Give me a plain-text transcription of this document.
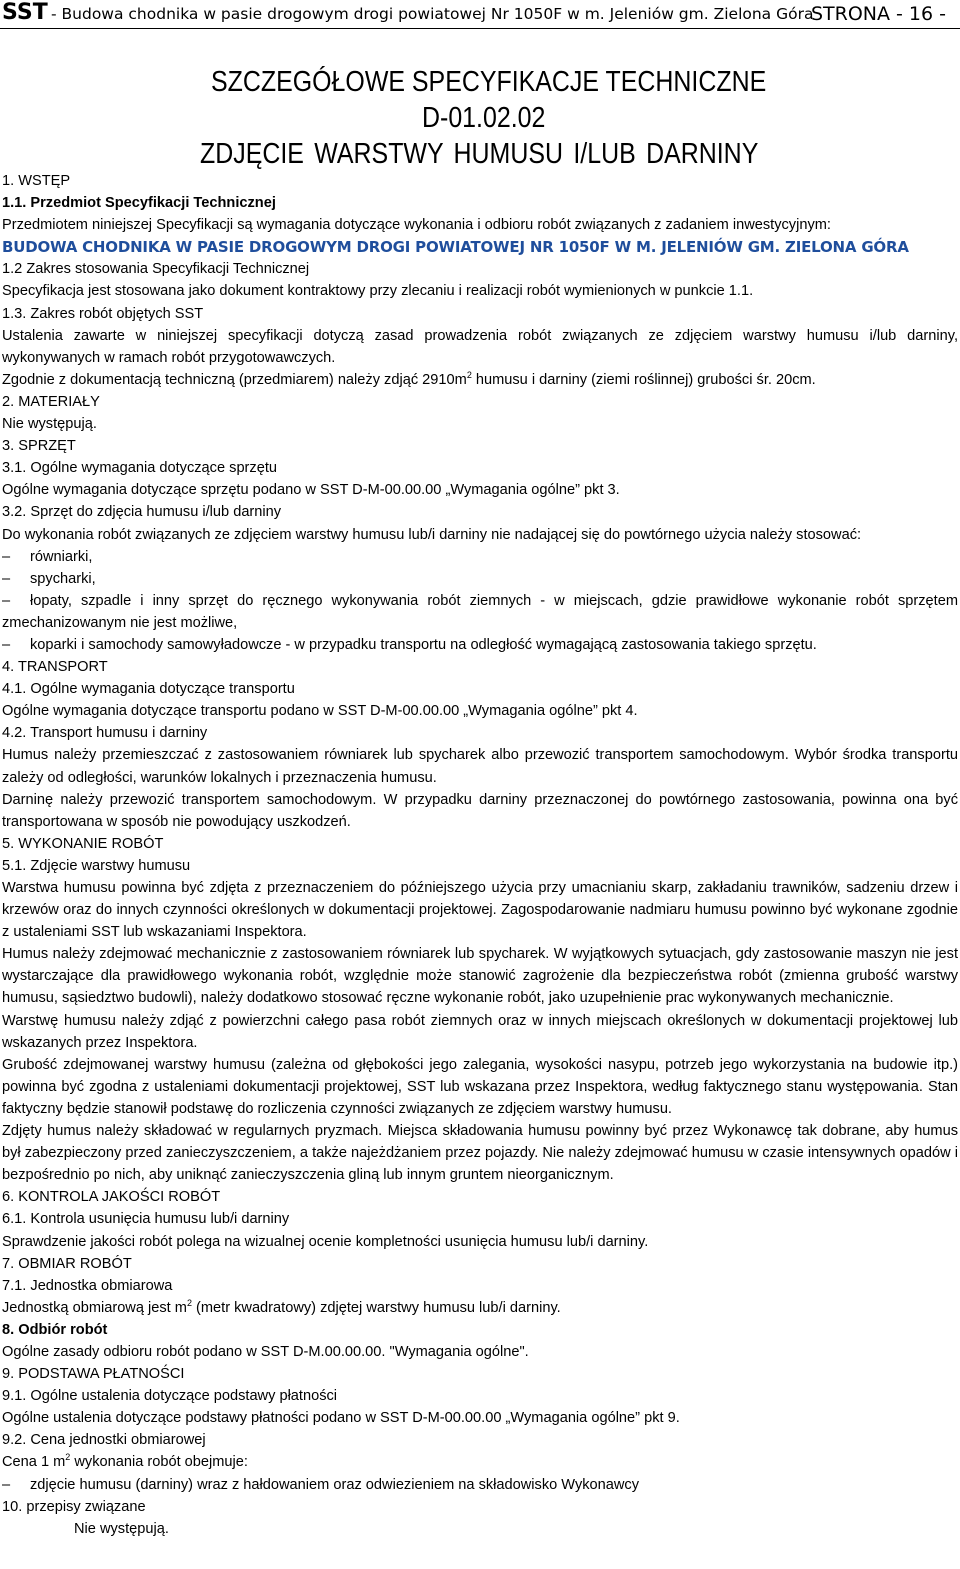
SST - Budowa chodnika w pasie drogowym drogi powiatowej Nr 1050F w m. Jeleniów gm. Zielona Góra
STRONA - 16 -
SZCZEGÓŁOWE SPECYFIKACJE TECHNICZNE
D-01.02.02
ZDJĘCIE WARSTWY HUMUSU I/LUB DARNINY

1. WSTĘP

1.1. Przedmiot Specyfikacji Technicznej

Przedmiotem niniejszej Specyfikacji są wymagania dotyczące wykonania i odbioru robót związanych z zadaniem inwestycyjnym:

BUDOWA CHODNIKA W PASIE DROGOWYM DROGI POWIATOWEJ NR 1050F W M. JELENIÓW GM. ZIELONA GÓRA

1.2 Zakres stosowania Specyfikacji Technicznej

Specyfikacja jest stosowana jako dokument kontraktowy przy zlecaniu i realizacji robót wymienionych w punkcie 1.1.

1.3. Zakres robót objętych SST

Ustalenia zawarte w niniejszej specyfikacji dotyczą zasad prowadzenia robót związanych ze zdjęciem warstwy humusu i/lub darniny, wykonywanych w ramach robót przygotowawczych.

Zgodnie z dokumentacją techniczną (przedmiarem) należy zdjąć $2910m^2$ humusu i darniny (ziemi roślinnej) grubości śr. 20cm.

2. MATERIAŁY

Nie występują.

3. SPRZĘT

3.1. Ogólne wymagania dotyczące sprzętu

Ogólne wymagania dotyczące sprzętu podano w SST D-M-00.00.00 „Wymagania ogólne” pkt 3.

3.2. Sprzęt do zdjęcia humusu i/lub darniny

Do wykonania robót związanych ze zdjęciem warstwy humusu lub/i darniny nie nadającej się do powtórnego użycia należy stosować:

– równiarki,

– spycharki,

– łopaty, szpadle i inny sprzęt do ręcznego wykonywania robót ziemnych - w miejscach, gdzie prawidłowe wykonanie robót sprzętem zmechanizowanym nie jest możliwe,

– koparki i samochody samowyładowcze - w przypadku transportu na odległość wymagającą zastosowania takiego sprzętu.

4. TRANSPORT

4.1. Ogólne wymagania dotyczące transportu

Ogólne wymagania dotyczące transportu podano w SST D-M-00.00.00 „Wymagania ogólne” pkt 4.

4.2. Transport humusu i darniny

Humus należy przemieszczać z zastosowaniem równiarek lub spycharek albo przewozić transportem samochodowym. Wybór środka transportu zależy od odległości, warunków lokalnych i przeznaczenia humusu.

Darninę należy przewozić transportem samochodowym. W przypadku darniny przeznaczonej do powtórnego zastosowania, powinna ona być transportowana w sposób nie powodujący uszkodzeń.

5. WYKONANIE ROBÓT

5.1. Zdjęcie warstwy humusu

Warstwa humusu powinna być zdjęta z przeznaczeniem do późniejszego użycia przy umacnianiu skarp, zakładaniu trawników, sadzeniu drzew i krzewów oraz do innych czynności określonych w dokumentacji projektowej. Zagospodarowanie nadmiaru humusu powinno być wykonane zgodnie z ustaleniami SST lub wskazaniami Inspektora.

Humus należy zdejmować mechanicznie z zastosowaniem równiarek lub spycharek. W wyjątkowych sytuacjach, gdy zastosowanie maszyn nie jest wystarczające dla prawidłowego wykonania robót, względnie może stanowić zagrożenie dla bezpieczeństwa robót (zmienna grubość warstwy humusu, sąsiedztwo budowli), należy dodatkowo stosować ręczne wykonanie robót, jako uzupełnienie prac wykonywanych mechanicznie.

Warstwę humusu należy zdjąć z powierzchni całego pasa robót ziemnych oraz w innych miejscach określonych w dokumentacji projektowej lub wskazanych przez Inspektora.

Grubość zdejmowanej warstwy humusu (zależna od głębokości jego zalegania, wysokości nasypu, potrzeb jego wykorzystania na budowie itp.) powinna być zgodna z ustaleniami dokumentacji projektowej, SST lub wskazana przez Inspektora, według faktycznego stanu występowania. Stan faktyczny będzie stanowił podstawę do rozliczenia czynności związanych ze zdjęciem warstwy humusu.

Zdjęty humus należy składować w regularnych pryzmach. Miejsca składowania humusu powinny być przez Wykonawcę tak dobrane, aby humus był zabezpieczony przed zanieczyszczeniem, a także najeżdżaniem przez pojazdy. Nie należy zdejmować humusu w czasie intensywnych opadów i bezpośrednio po nich, aby uniknąć zanieczyszczenia gliną lub innym gruntem nieorganicznym.

6. KONTROLA JAKOŚCI ROBÓT

6.1. Kontrola usunięcia humusu lub/i darniny

Sprawdzenie jakości robót polega na wizualnej ocenie kompletności usunięcia humusu lub/i darniny.

7. OBMIAR ROBÓT

7.1. Jednostka obmiarowa

Jednostką obmiarową jest $m^2$ (metr kwadratowy) zdjętej warstwy humusu lub/i darniny.

8. Odbiór robót

Ogólne zasady odbioru robót podano w SST D-M.00.00.00. "Wymagania ogólne".

9. PODSTAWA PŁATNOŚCI

9.1. Ogólne ustalenia dotyczące podstawy płatności

Ogólne ustalenia dotyczące podstawy płatności podano w SST D-M-00.00.00 „Wymagania ogólne” pkt 9.

9.2. Cena jednostki obmiarowej

Cena 1 $m^2$ wykonania robót obejmuje:

– zdjęcie humusu (darniny) wraz z hałdowaniem oraz odwiezieniem na składowisko Wykonawcy

10. przepisy związane

Nie występują.
